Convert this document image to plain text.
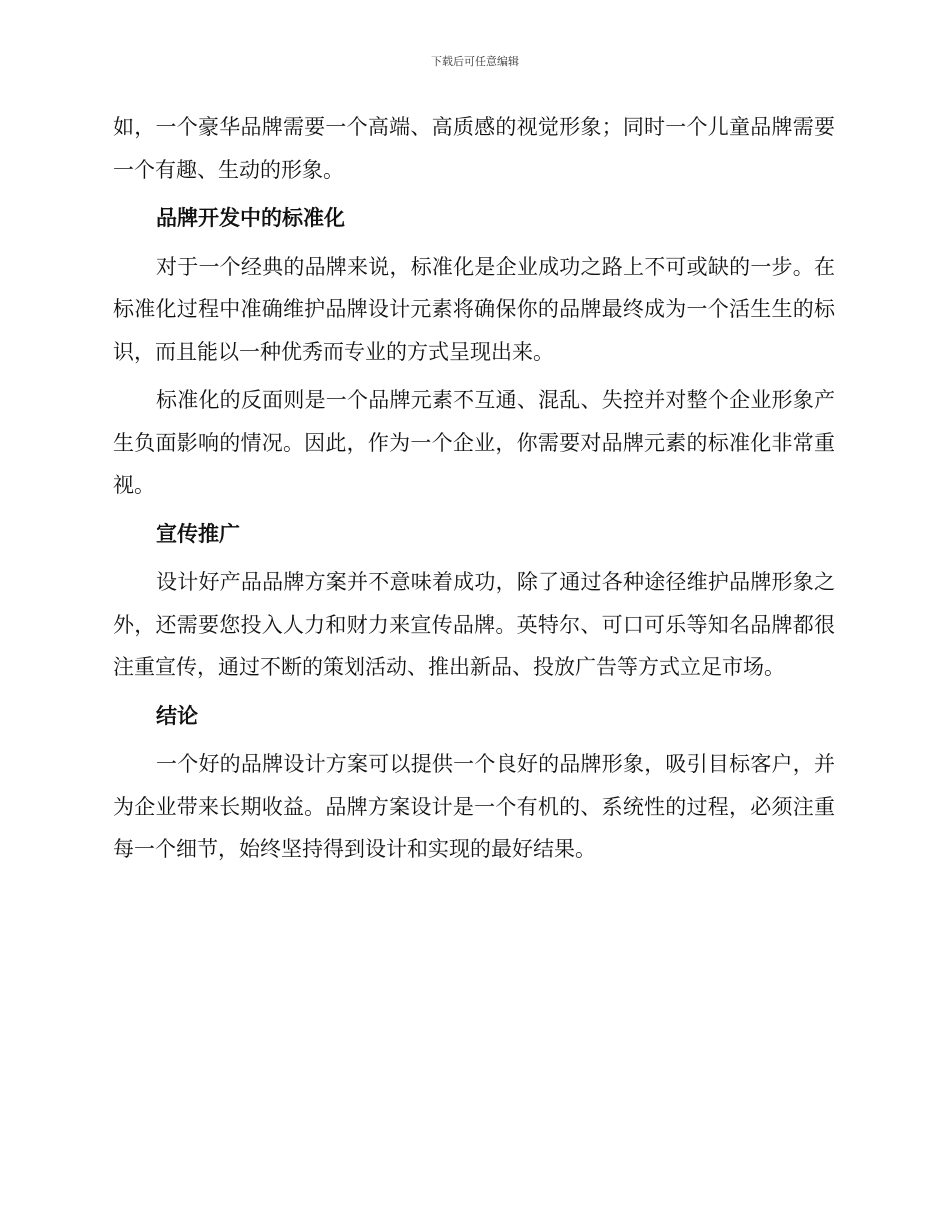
下载后可任意编辑

如，一个豪华品牌需要一个高端、高质感的视觉形象；同时一个儿童品牌需要一个有趣、生动的形象。

品牌开发中的标准化

对于一个经典的品牌来说，标准化是企业成功之路上不可或缺的一步。在标准化过程中准确维护品牌设计元素将确保你的品牌最终成为一个活生生的标识，而且能以一种优秀而专业的方式呈现出来。

标准化的反面则是一个品牌元素不互通、混乱、失控并对整个企业形象产生负面影响的情况。因此，作为一个企业，你需要对品牌元素的标准化非常重视。

宣传推广

设计好产品品牌方案并不意味着成功，除了通过各种途径维护品牌形象之外，还需要您投入人力和财力来宣传品牌。英特尔、可口可乐等知名品牌都很注重宣传，通过不断的策划活动、推出新品、投放广告等方式立足市场。

结论

一个好的品牌设计方案可以提供一个良好的品牌形象，吸引目标客户，并为企业带来长期收益。品牌方案设计是一个有机的、系统性的过程，必须注重每一个细节，始终坚持得到设计和实现的最好结果。
